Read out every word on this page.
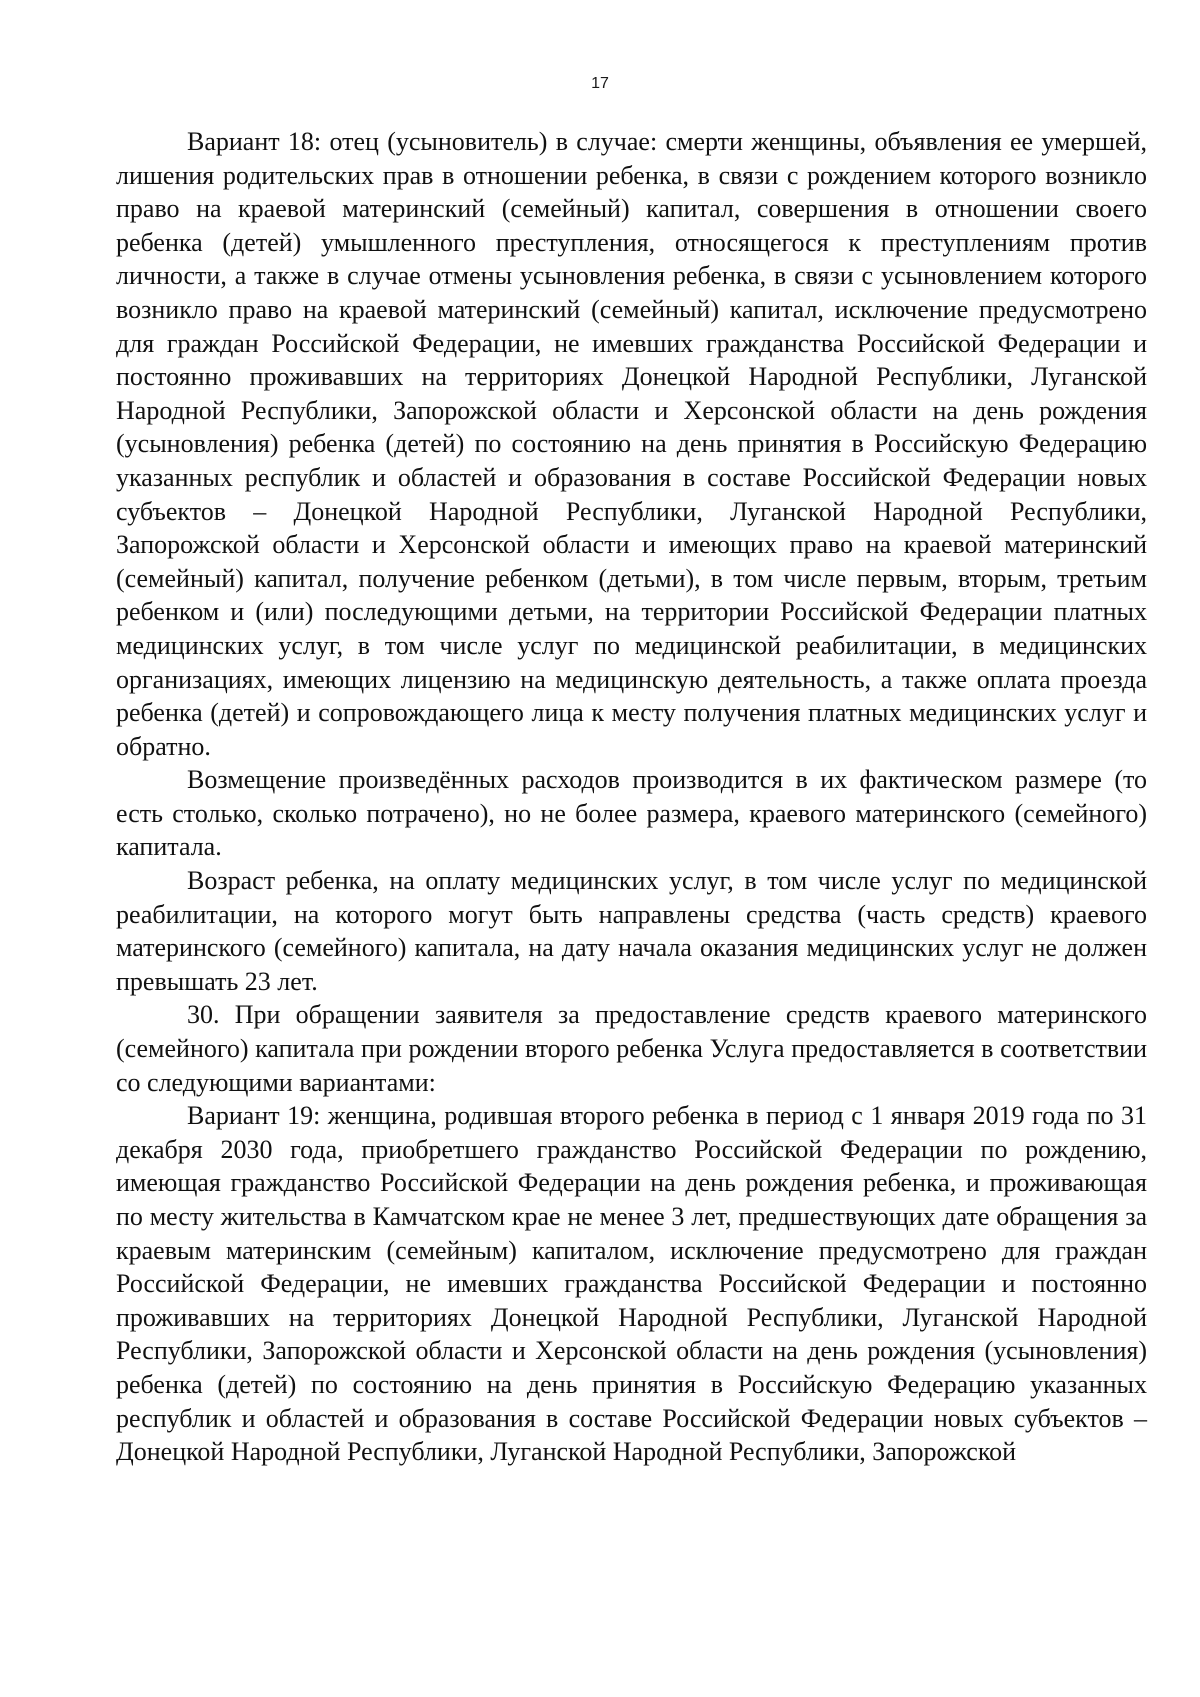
17

Вариант 18: отец (усыновитель) в случае: смерти женщины, объявления ее умершей, лишения родительских прав в отношении ребенка, в связи с рождением которого возникло право на краевой материнский (семейный) капитал, совершения в отношении своего ребенка (детей) умышленного преступления, относящегося к преступлениям против личности, а также в случае отмены усыновления ребенка, в связи с усыновлением которого возникло право на краевой материнский (семейный) капитал, исключение предусмотрено для граждан Российской Федерации, не имевших гражданства Российской Федерации и постоянно проживавших на территориях Донецкой Народной Республики, Луганской Народной Республики, Запорожской области и Херсонской области на день рождения (усыновления) ребенка (детей) по состоянию на день принятия в Российскую Федерацию указанных республик и областей и образования в составе Российской Федерации новых субъектов – Донецкой Народной Республики, Луганской Народной Республики, Запорожской области и Херсонской области и имеющих право на краевой материнский (семейный) капитал, получение ребенком (детьми), в том числе первым, вторым, третьим ребенком и (или) последующими детьми, на территории Российской Федерации платных медицинских услуг, в том числе услуг по медицинской реабилитации, в медицинских организациях, имеющих лицензию на медицинскую деятельность, а также оплата проезда ребенка (детей) и сопровождающего лица к месту получения платных медицинских услуг и обратно.

Возмещение произведённых расходов производится в их фактическом размере (то есть столько, сколько потрачено), но не более размера, краевого материнского (семейного) капитала.

Возраст ребенка, на оплату медицинских услуг, в том числе услуг по медицинской реабилитации, на которого могут быть направлены средства (часть средств) краевого материнского (семейного) капитала, на дату начала оказания медицинских услуг не должен превышать 23 лет.

30. При обращении заявителя за предоставление средств краевого материнского (семейного) капитала при рождении второго ребенка Услуга предоставляется в соответствии со следующими вариантами:

Вариант 19: женщина, родившая второго ребенка в период с 1 января 2019 года по 31 декабря 2030 года, приобретшего гражданство Российской Федерации по рождению, имеющая гражданство Российской Федерации на день рождения ребенка, и проживающая по месту жительства в Камчатском крае не менее 3 лет, предшествующих дате обращения за краевым материнским (семейным) капиталом, исключение предусмотрено для граждан Российской Федерации, не имевших гражданства Российской Федерации и постоянно проживавших на территориях Донецкой Народной Республики, Луганской Народной Республики, Запорожской области и Херсонской области на день рождения (усыновления) ребенка (детей) по состоянию на день принятия в Российскую Федерацию указанных республик и областей и образования в составе Российской Федерации новых субъектов – Донецкой Народной Республики, Луганской Народной Республики, Запорожской
